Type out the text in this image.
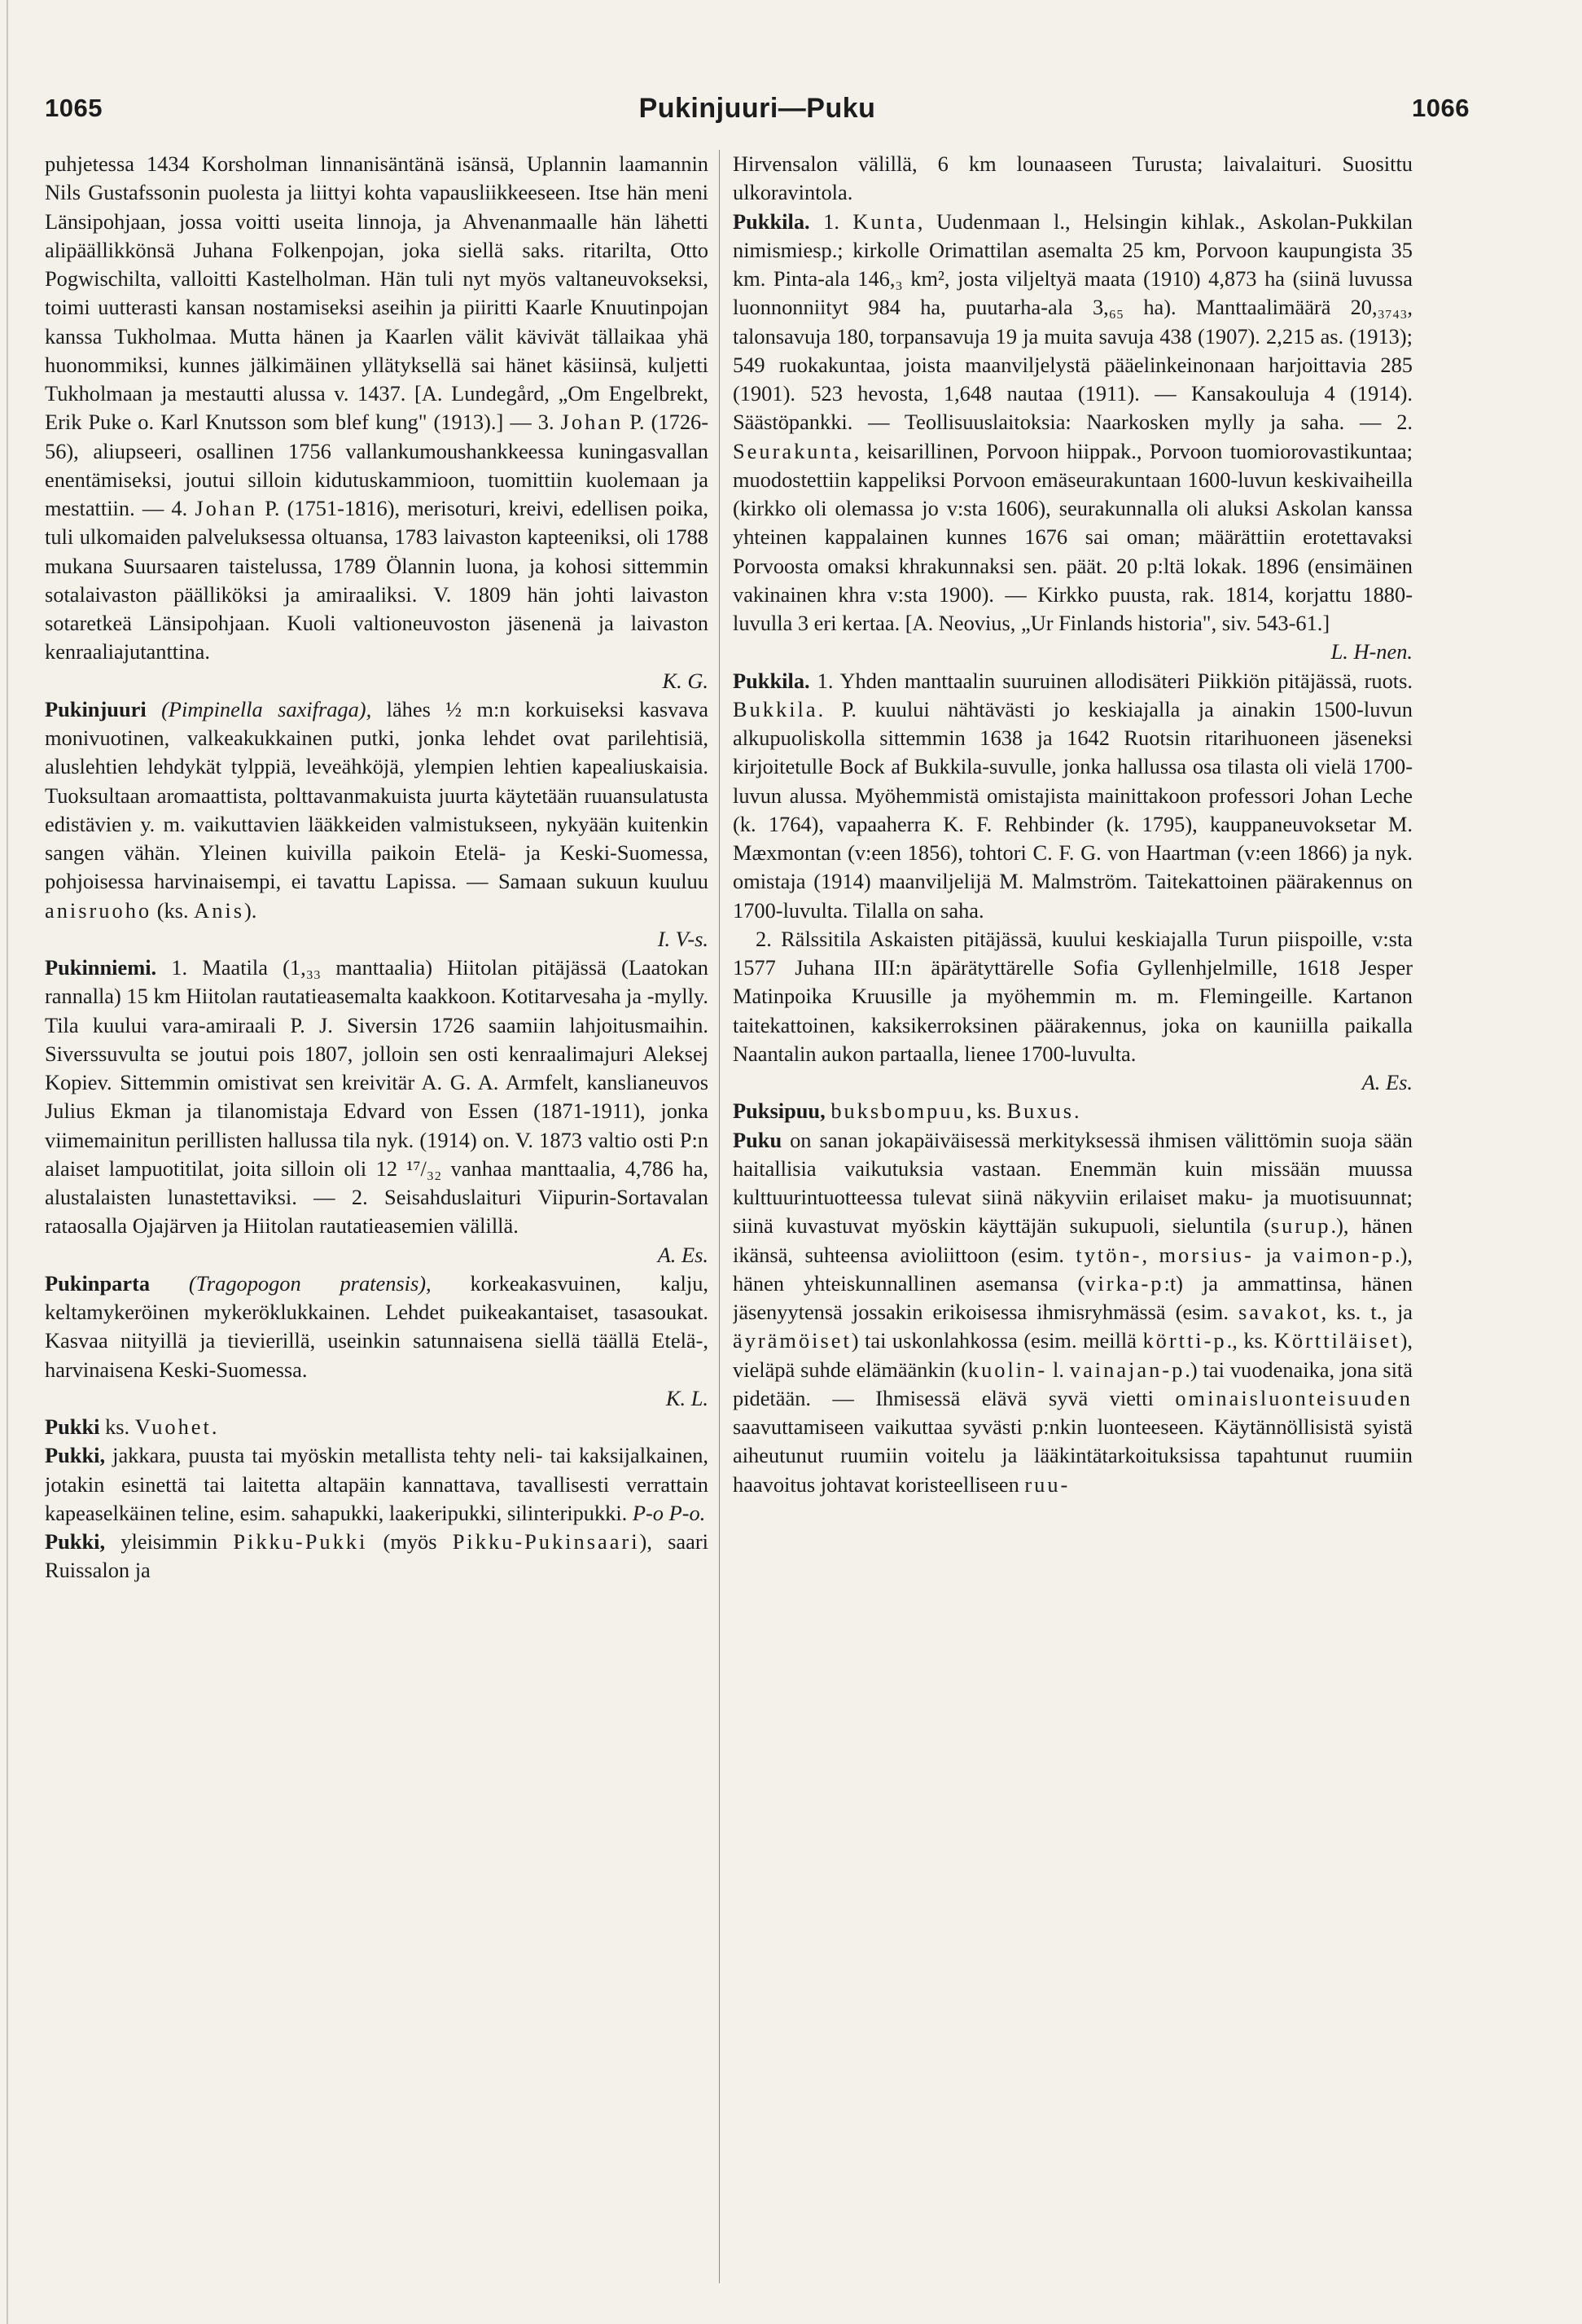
1065	Pukinjuuri—Puku	1066

puhjetessa 1434 Korsholman linnanisäntänä isänsä, Uplannin laamannin Nils Gustafssonin puolesta ja liittyi kohta vapausliikkeeseen. Itse hän meni Länsipohjaan, jossa voitti useita linnoja, ja Ahvenanmaalle hän lähetti alipäällikkönsä Juhana Folkenpojan, joka siellä saks. ritarilta, Otto Pogwischilta, valloitti Kastelholman. Hän tuli nyt myös valtaneuvokseksi, toimi uutterasti kansan nostamiseksi aseihin ja piiritti Kaarle Knuutinpojan kanssa Tukholmaa. Mutta hänen ja Kaarlen välit kävivät tällaikaa yhä huonommiksi, kunnes jälkimäinen yllätyksellä sai hänet käsiinsä, kuljetti Tukholmaan ja mestautti alussa v. 1437. [A. Lundegård, „Om Engelbrekt, Erik Puke o. Karl Knutsson som blef kung" (1913).] — 3. Johan P. (1726-56), aliupseeri, osallinen 1756 vallankumoushankkeessa kuningasvallan enentämiseksi, joutui silloin kidutuskammioon, tuomittiin kuolemaan ja mestattiin. — 4. Johan P. (1751-1816), merisoturi, kreivi, edellisen poika, tuli ulkomaiden palveluksessa oltuansa, 1783 laivaston kapteeniksi, oli 1788 mukana Suursaaren taistelussa, 1789 Ölannin luona, ja kohosi sittemmin sotalaivaston päälliköksi ja amiraaliksi. V. 1809 hän johti laivaston sotaretkeä Länsipohjaan. Kuoli valtioneuvoston jäsenenä ja laivaston kenraaliajutanttina.

K. G.

Pukinjuuri (Pimpinella saxifraga), lähes ½ m:n korkuiseksi kasvava monivuotinen, valkeakukkainen putki, jonka lehdet ovat parilehtisiä, aluslehtien lehdykät tylppiä, leveähköjä, ylempien lehtien kapealiuskaisia. Tuoksultaan aromaattista, polttavanmakuista juurta käytetään ruuansulatusta edistävien y. m. vaikuttavien lääkkeiden valmistukseen, nykyään kuitenkin sangen vähän. Yleinen kuivilla paikoin Etelä- ja Keski-Suomessa, pohjoisessa harvinaisempi, ei tavattu Lapissa. — Samaan sukuun kuuluu anisruoho (ks. Anis).

I. V-s.

Pukinniemi. 1. Maatila (1,₃₃ manttaalia) Hiitolan pitäjässä (Laatokan rannalla) 15 km Hiitolan rautatieasemalta kaakkoon. Kotitarvesaha ja -mylly. Tila kuului vara-amiraali P. J. Siversin 1726 saamiin lahjoitusmaihin. Siverssuvulta se joutui pois 1807, jolloin sen osti kenraalimajuri Aleksej Kopiev. Sittemmin omistivat sen kreivitär A. G. A. Armfelt, kanslianeuvos Julius Ekman ja tilanomistaja Edvard von Essen (1871-1911), jonka viimemainitun perillisten hallussa tila nyk. (1914) on. V. 1873 valtio osti P:n alaiset lampuotitilat, joita silloin oli 12 ¹⁷/₃₂ vanhaa manttaalia, 4,786 ha, alustalaisten lunastettaviksi. — 2. Seisahduslaituri Viipurin-Sortavalan rataosalla Ojajärven ja Hiitolan rautatieasemien välillä.

A. Es.

Pukinparta (Tragopogon pratensis), korkeakasvuinen, kalju, keltamykeröinen mykeröklukkainen. Lehdet puikeakantaiset, tasasoukat. Kasvaa niityillä ja tievierillä, useinkin satunnaisena siellä täällä Etelä-, harvinaisena Keski-Suomessa.

K. L.

Pukki ks. Vuohet.

Pukki, jakkara, puusta tai myöskin metallista tehty neli- tai kaksijalkainen, jotakin esinettä tai laitetta altapäin kannattava, tavallisesti verrattain kapeaselkäinen teline, esim. sahapukki, laakeripukki, silinteripukki. P-o P-o.

Pukki, yleisimmin Pikku-Pukki (myös Pikku-Pukinsaari), saari Ruissalon ja

Hirvensalon välillä, 6 km lounaaseen Turusta; laivalaituri. Suosittu ulkoravintola.

Pukkila. 1. Kunta, Uudenmaan l., Helsingin kihlak., Askolan-Pukkilan nimismiesp.; kirkolle Orimattilan asemalta 25 km, Porvoon kaupungista 35 km. Pinta-ala 146,₃ km², josta viljeltyä maata (1910) 4,873 ha (siinä luvussa luonnonniityt 984 ha, puutarha-ala 3,₆₅ ha). Manttaalimäärä 20,₃₇₄₃, talonsavuja 180, torpansavuja 19 ja muita savuja 438 (1907). 2,215 as. (1913); 549 ruokakuntaa, joista maanviljelystä pääelinkeinonaan harjoittavia 285 (1901). 523 hevosta, 1,648 nautaa (1911). — Kansakouluja 4 (1914). Säästöpankki. — Teollisuuslaitoksia: Naarkosken mylly ja saha. — 2. Seurakunta, keisarillinen, Porvoon hiippak., Porvoon tuomiorovastikuntaa; muodostettiin kappeliksi Porvoon emäseurakuntaan 1600-luvun keskivaiheilla (kirkko oli olemassa jo v:sta 1606), seurakunnalla oli aluksi Askolan kanssa yhteinen kappalainen kunnes 1676 sai oman; määrättiin erotettavaksi Porvoosta omaksi khrakunnaksi sen. päät. 20 p:ltä lokak. 1896 (ensimäinen vakinainen khra v:sta 1900). — Kirkko puusta, rak. 1814, korjattu 1880-luvulla 3 eri kertaa. [A. Neovius, „Ur Finlands historia", siv. 543-61.]

L. H-nen.

Pukkila. 1. Yhden manttaalin suuruinen allodisäteri Piikkiön pitäjässä, ruots. Bukkila. P. kuului nähtävästi jo keskiajalla ja ainakin 1500-luvun alkupuoliskolla sittemmin 1638 ja 1642 Ruotsin ritarihuoneen jäseneksi kirjoitetulle Bock af Bukkila-suvulle, jonka hallussa osa tilasta oli vielä 1700-luvun alussa. Myöhemmistä omistajista mainittakoon professori Johan Leche (k. 1764), vapaaherra K. F. Rehbinder (k. 1795), kauppaneuvoksetar M. Mæxmontan (v:een 1856), tohtori C. F. G. von Haartman (v:een 1866) ja nyk. omistaja (1914) maanviljelijä M. Malmström. Taitekattoinen päärakennus on 1700-luvulta. Tilalla on saha.

2. Rälssitila Askaisten pitäjässä, kuului keskiajalla Turun piispoille, v:sta 1577 Juhana III:n äpärätyttärelle Sofia Gyllenhjelmille, 1618 Jesper Matinpoika Kruusille ja myöhemmin m. m. Flemingeille. Kartanon taitekattoinen, kaksikerroksinen päärakennus, joka on kauniilla paikalla Naantalin aukon partaalla, lienee 1700-luvulta.

A. Es.

Puksipuu, buksbompuu, ks. Buxus.

Puku on sanan jokapäiväisessä merkityksessä ihmisen välittömin suoja sään haitallisia vaikutuksia vastaan. Enemmän kuin missään muussa kulttuurintuotteessa tulevat siinä näkyviin erilaiset maku- ja muotisuunnat; siinä kuvastuvat myöskin käyttäjän sukupuoli, sieluntila (surup.), hänen ikänsä, suhteensa avioliittoon (esim. tytön-, morsius- ja vaimon-p.), hänen yhteiskunnallinen asemansa (virka-p:t) ja ammattinsa, hänen jäsenyytensä jossakin erikoisessa ihmisryhmässä (esim. savakot, ks. t., ja äyrämöiset) tai uskonlahkossa (esim. meillä körtti-p., ks. Körttiläiset), vieläpä suhde elämäänkin (kuolin- l. vainajan-p.) tai vuodenaika, jona sitä pidetään. — Ihmisessä elävä syvä vietti ominaisluonteisuuden saavuttamiseen vaikuttaa syvästi p:nkin luonteeseen. Käytännöllisistä syistä aiheutunut ruumiin voitelu ja lääkintätarkoituksissa tapahtunut ruumiin haavoitus johtavat koristeelliseen ruu-
